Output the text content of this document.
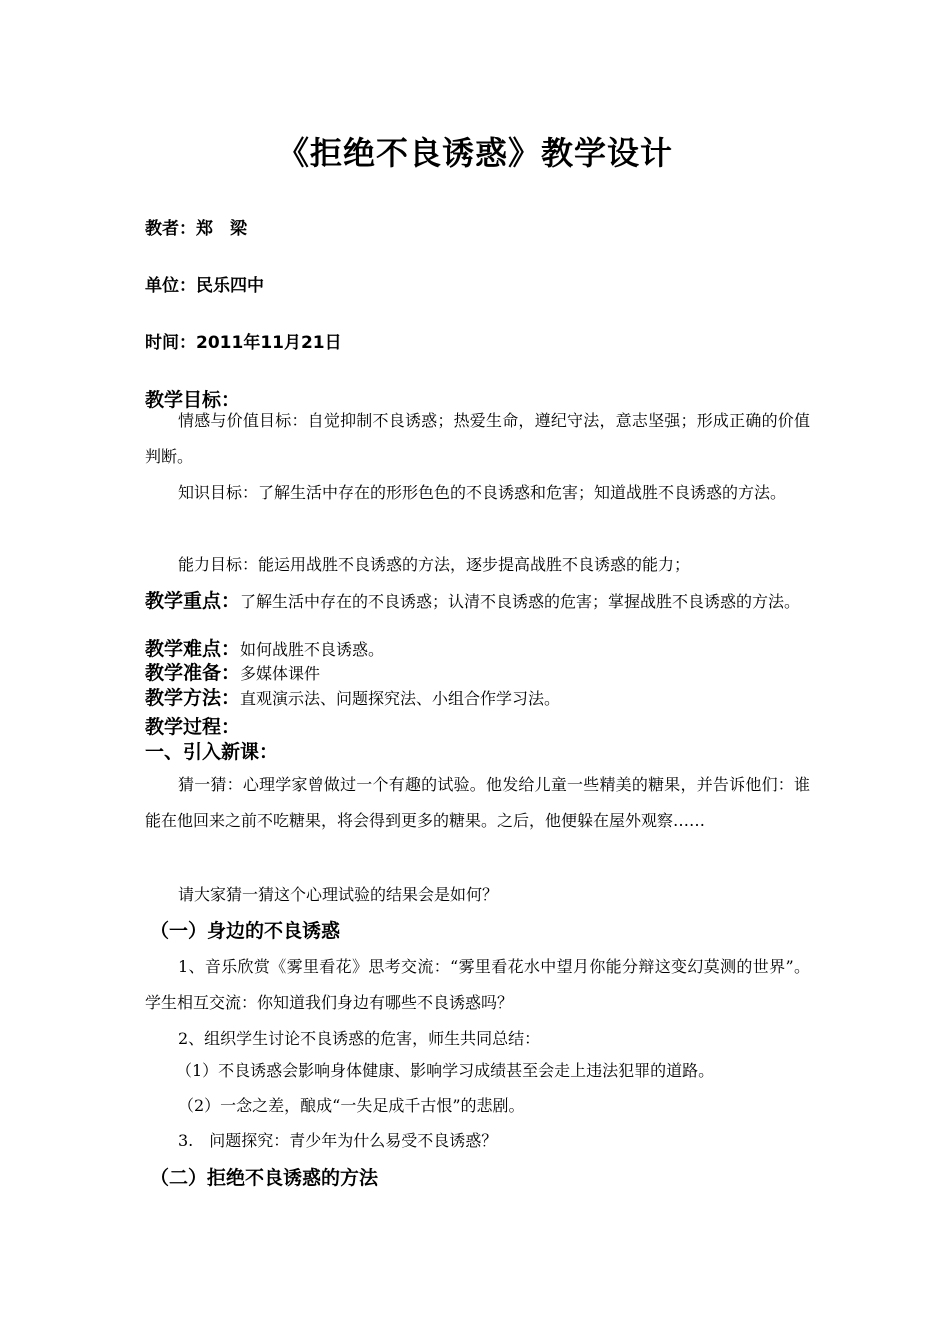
《拒绝不良诱惑》教学设计
教者：郑　梁
单位：民乐四中
时间：2011年11月21日
教学目标：
情感与价值目标：自觉抑制不良诱惑；热爱生命，遵纪守法，意志坚强；形成正确的价值判断。
知识目标：了解生活中存在的形形色色的不良诱惑和危害；知道战胜不良诱惑的方法。
能力目标：能运用战胜不良诱惑的方法，逐步提高战胜不良诱惑的能力；
教学重点：了解生活中存在的不良诱惑；认清不良诱惑的危害；掌握战胜不良诱惑的方法。
教学难点：如何战胜不良诱惑。
教学准备：多媒体课件
教学方法：直观演示法、问题探究法、小组合作学习法。
教学过程：
一、引入新课：
猜一猜：心理学家曾做过一个有趣的试验。他发给儿童一些精美的糖果，并告诉他们：谁能在他回来之前不吃糖果，将会得到更多的糖果。之后，他便躲在屋外观察……
请大家猜一猜这个心理试验的结果会是如何？
（一）身边的不良诱惑
1、音乐欣赏《雾里看花》思考交流：“雾里看花水中望月你能分辩这变幻莫测的世界”。学生相互交流：你知道我们身边有哪些不良诱惑吗？
2、组织学生讨论不良诱惑的危害，师生共同总结：
（1）不良诱惑会影响身体健康、影响学习成绩甚至会走上违法犯罪的道路。
（2）一念之差，酿成“一失足成千古恨”的悲剧。
3.　问题探究：青少年为什么易受不良诱惑？
（二）拒绝不良诱惑的方法
